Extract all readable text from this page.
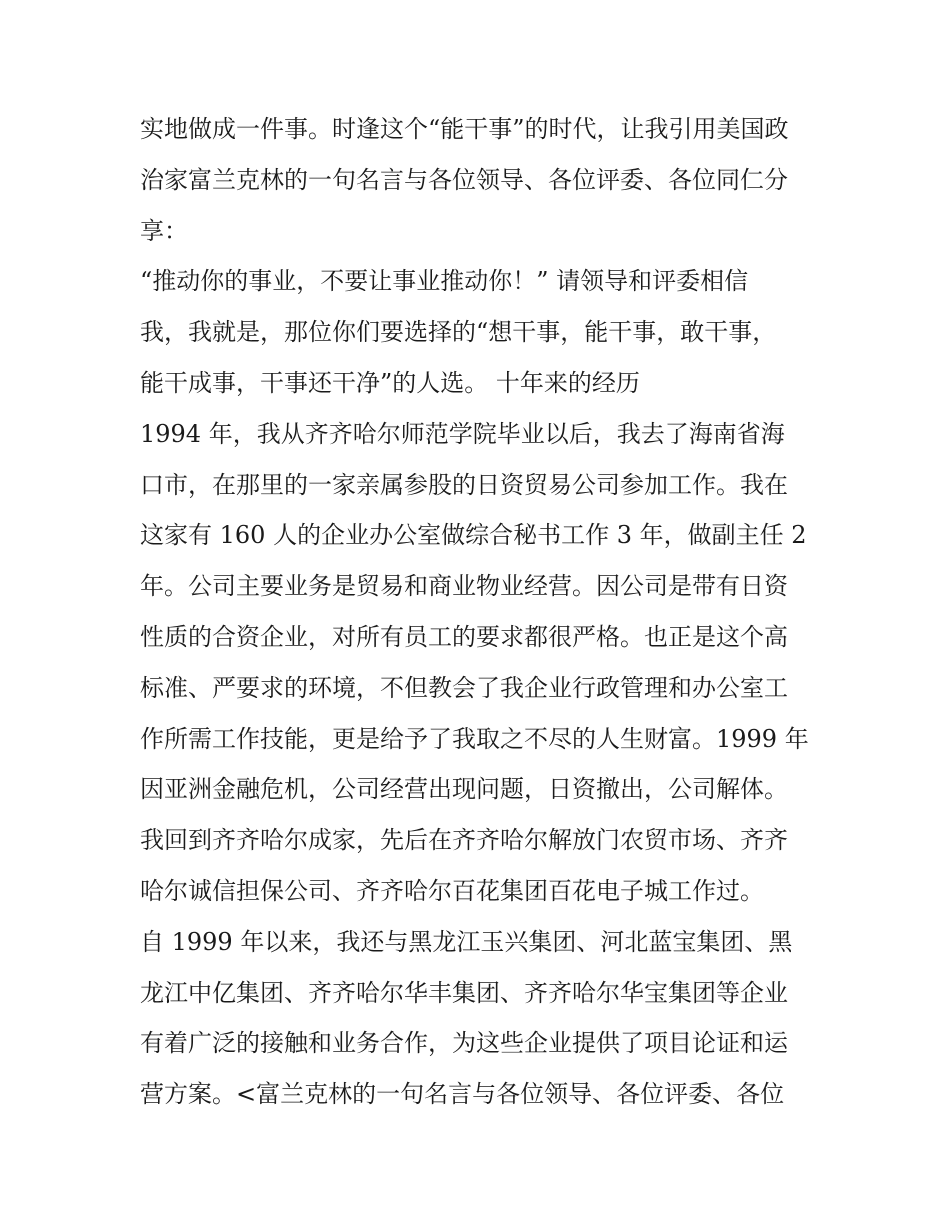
实地做成一件事。时逢这个“能干事”的时代，让我引用美国政
治家富兰克林的一句名言与各位领导、各位评委、各位同仁分
享：
“推动你的事业，不要让事业推动你！” 请领导和评委相信
我，我就是，那位你们要选择的“想干事，能干事，敢干事，
能干成事，干事还干净”的人选。 十年来的经历
1994 年，我从齐齐哈尔师范学院毕业以后，我去了海南省海
口市，在那里的一家亲属参股的日资贸易公司参加工作。我在
这家有 160 人的企业办公室做综合秘书工作 3 年，做副主任 2
年。公司主要业务是贸易和商业物业经营。因公司是带有日资
性质的合资企业，对所有员工的要求都很严格。也正是这个高
标准、严要求的环境，不但教会了我企业行政管理和办公室工
作所需工作技能，更是给予了我取之不尽的人生财富。1999 年
因亚洲金融危机，公司经营出现问题，日资撤出，公司解体。
我回到齐齐哈尔成家，先后在齐齐哈尔解放门农贸市场、齐齐
哈尔诚信担保公司、齐齐哈尔百花集团百花电子城工作过。
自 1999 年以来，我还与黑龙江玉兴集团、河北蓝宝集团、黑
龙江中亿集团、齐齐哈尔华丰集团、齐齐哈尔华宝集团等企业
有着广泛的接触和业务合作，为这些企业提供了项目论证和运
营方案。<富兰克林的一句名言与各位领导、各位评委、各位
